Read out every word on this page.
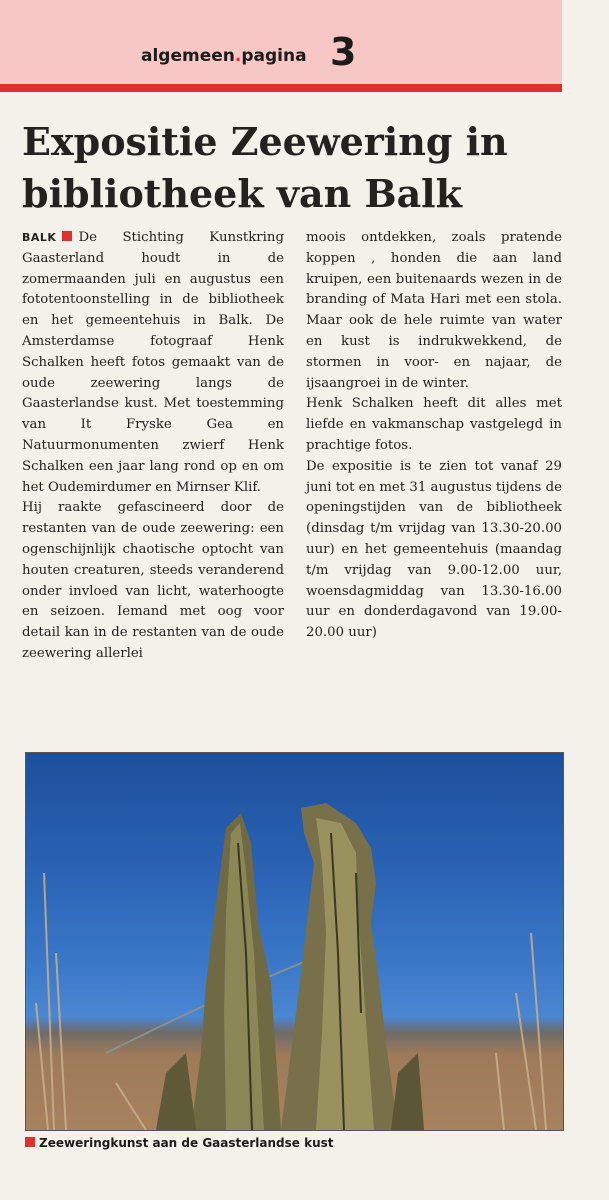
algemeen.pagina 3
Expositie Zeewering in bibliotheek van Balk

BALK De Stichting Kunstkring Gaasterland houdt in de zomermaanden juli en augustus een fototentoonstelling in de bibliotheek en het gemeentehuis in Balk. De Amsterdamse fotograaf Henk Schalken heeft fotos gemaakt van de oude zeewering langs de Gaasterlandse kust. Met toestemming van It Fryske Gea en Natuurmonumenten zwierf Henk Schalken een jaar lang rond op en om het Oudemirdumer en Mirnser Klif.

Hij raakte gefascineerd door de restanten van de oude zeewering: een ogenschijnlijk chaotische optocht van houten creaturen, steeds veranderend onder invloed van licht, waterhoogte en seizoen. Iemand met oog voor detail kan in de restanten van de oude zeewering allerlei

moois ontdekken, zoals pratende koppen , honden die aan land kruipen, een buitenaards wezen in de branding of Mata Hari met een stola. Maar ook de hele ruimte van water en kust is indrukwekkend, de stormen in voor- en najaar, de ijsaangroei in de winter.

Henk Schalken heeft dit alles met liefde en vakmanschap vastgelegd in prachtige fotos.

De expositie is te zien tot vanaf 29 juni tot en met 31 augustus tijdens de openingstijden van de bibliotheek (dinsdag t/m vrijdag van 13.30-20.00 uur) en het gemeentehuis (maandag t/m vrijdag van 9.00-12.00 uur, woensdagmiddag van 13.30-16.00 uur en donderdagavond van 19.00-20.00 uur)

Zeeweringkunst aan de Gaasterlandse kust
